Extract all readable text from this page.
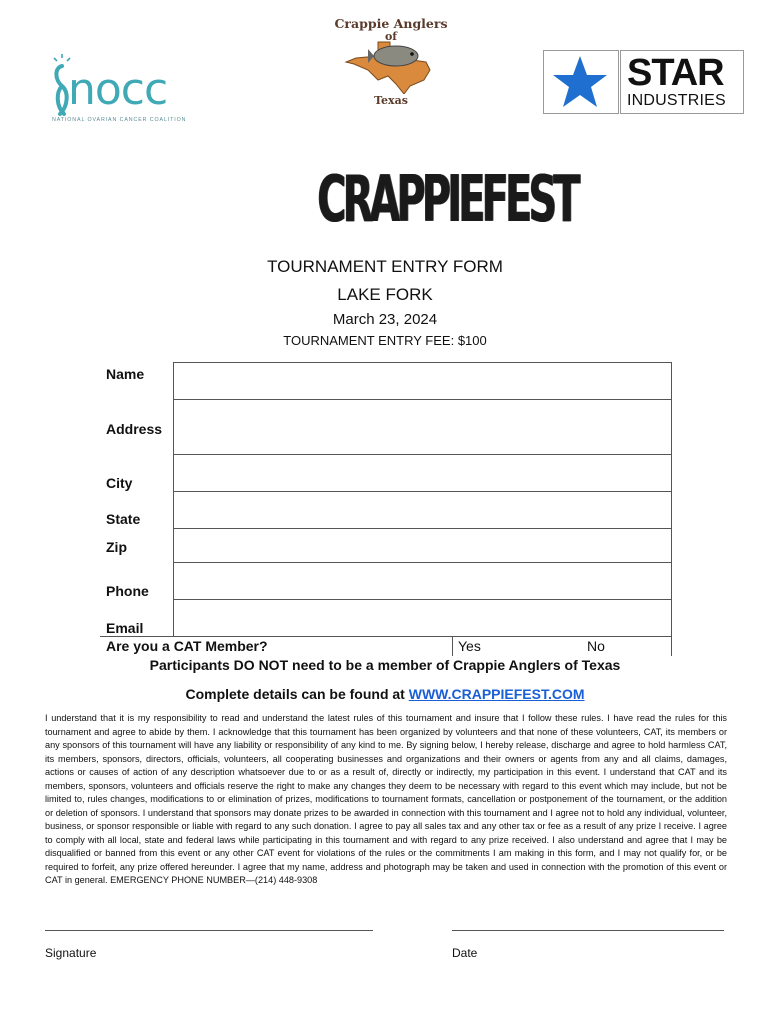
nocc
NATIONAL OVARIAN CANCER COALITION
Crappie Anglers
of
Texas
STAR
INDUSTRIES
CRAPPIEFEST
TOURNAMENT ENTRY FORM
LAKE FORK
March 23, 2024
TOURNAMENT ENTRY FEE: $100
Name
Address
City
State
Zip
Phone
Email
Are you a CAT Member?	Yes	No
Participants DO NOT need to be a member of Crappie Anglers of Texas
Complete details can be found at WWW.CRAPPIEFEST.COM
I understand that it is my responsibility to read and understand the latest rules of this tournament and insure that I follow these rules. I have read the rules for this tournament and agree to abide by them. I acknowledge that this tournament has been organized by volunteers and that none of these volunteers, CAT, its members or any sponsors of this tournament will have any liability or responsibility of any kind to me. By signing below, I hereby release, discharge and agree to hold harmless CAT, its members, sponsors, directors, officials, volunteers, all cooperating businesses and organizations and their owners or agents from any and all claims, damages, actions or causes of action of any description whatsoever due to or as a result of, directly or indirectly, my participation in this event. I understand that CAT and its members, sponsors, volunteers and officials reserve the right to make any changes they deem to be necessary with regard to this event which may include, but not be limited to, rules changes, modifications to or elimination of prizes, modifications to tournament formats, cancellation or postponement of the tournament, or the addition or deletion of sponsors. I understand that sponsors may donate prizes to be awarded in connection with this tournament and I agree not to hold any individual, volunteer, business, or sponsor responsible or liable with regard to any such donation. I agree to pay all sales tax and any other tax or fee as a result of any prize I receive. I agree to comply with all local, state and federal laws while participating in this tournament and with regard to any prize received. I also understand and agree that I may be disqualified or banned from this event or any other CAT event for violations of the rules or the commitments I am making in this form, and I may not qualify for, or be required to forfeit, any prize offered hereunder. I agree that my name, address and photograph may be taken and used in connection with the promotion of this event or CAT in general. EMERGENCY PHONE NUMBER—(214) 448-9308
Signature	Date
